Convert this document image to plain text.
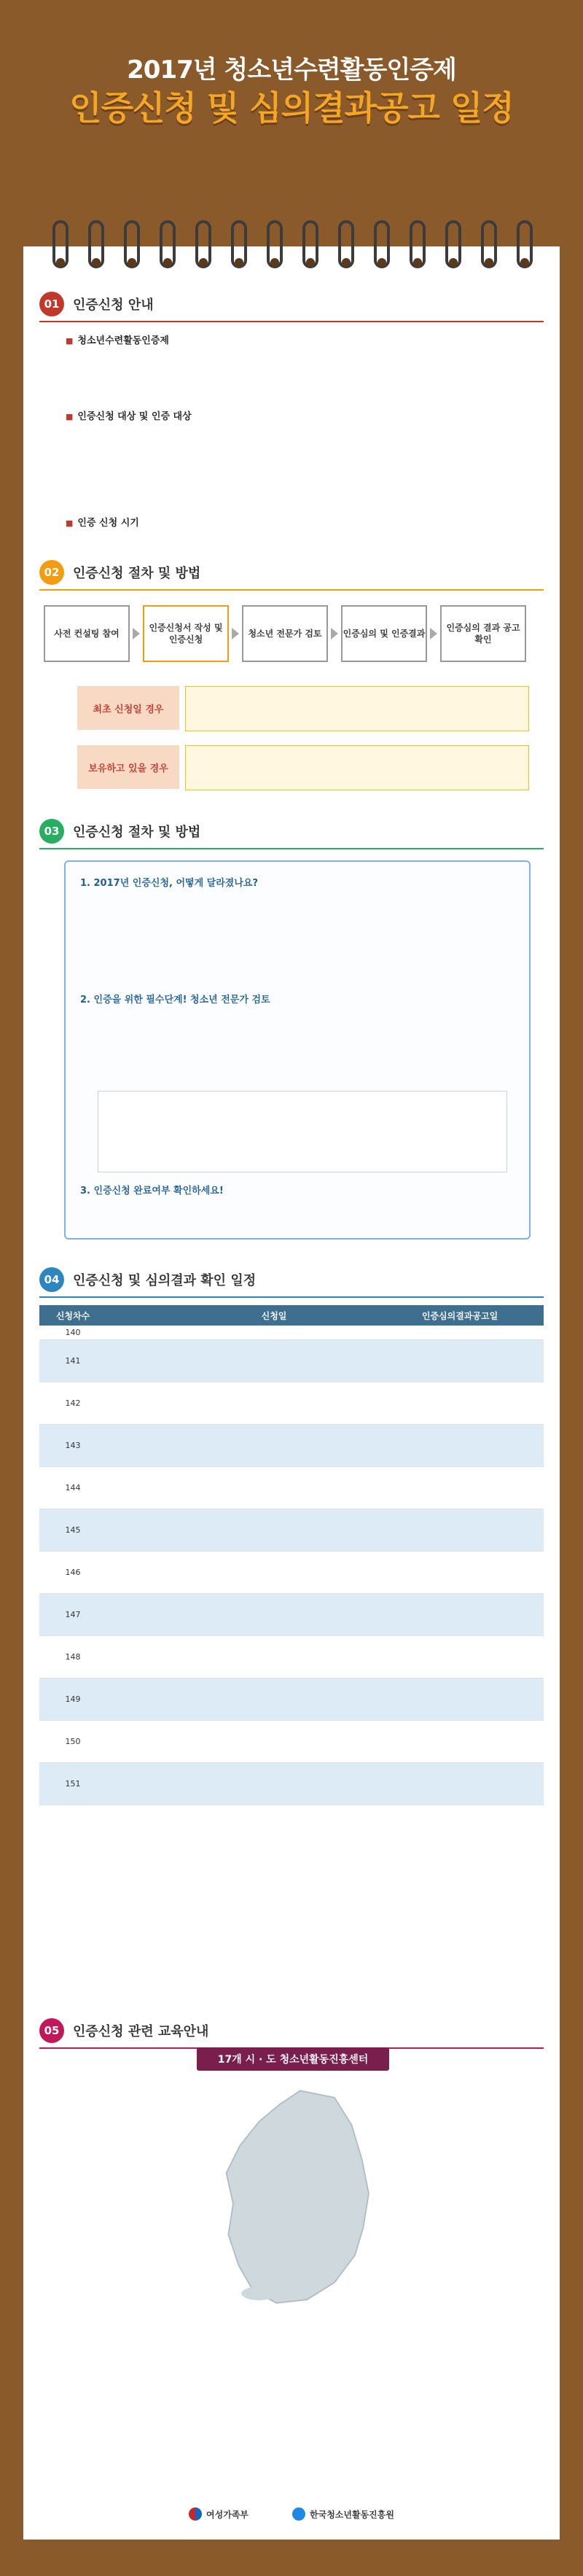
2017년 청소년수련활동인증제
인증신청 및 심의결과공고 일정
01	인증신청 안내
■ 청소년수련활동인증제
■ 인증신청 대상 및 인증 대상
■ 인증 신청 시기
02	인증신청 절차 및 방법
사전 컨설팅 참여
인증신청서 작성 및 인증신청
청소년 전문가 검토	인증심의 및 인증결과
인증심의 결과 공고 확인
최초 신청일 경우
보유하고 있을 경우
03	인증신청 절차 및 방법
1. 2017년 인증신청, 어떻게 달라졌나요?
2. 인증을 위한 필수단계! 청소년 전문가 검토
3. 인증신청 완료여부 확인하세요!
04	인증신청 및 심의결과 확인 일정
신청차수	신청일	인증심의결과공고일
140
141
142
143
144
145
146
147
148
149
150
151
05	인증신청 관련 교육안내
17개 시 · 도 청소년활동진흥센터
여성가족부	한국청소년활동진흥원
